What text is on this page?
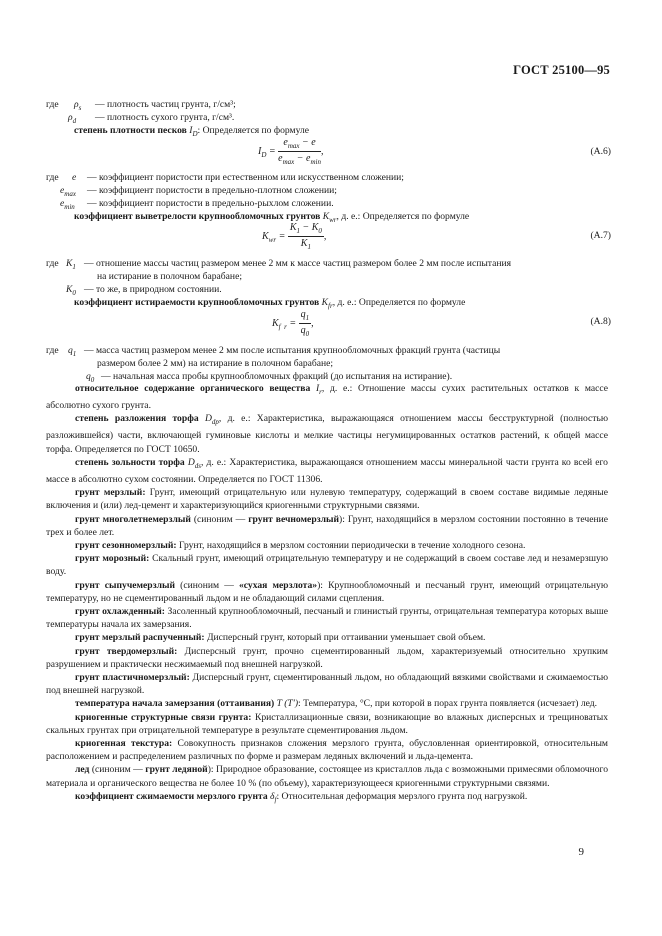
ГОСТ 25100—95
где $\rho_s$ — плотность частиц грунта, г/см³;
$\rho_d$ — плотность сухого грунта, г/см³.
степень плотности песков $I_D$: Определяется по формуле
$I_D = \frac{e_{max} - e}{e_{max} - e_{min}}$ ,	(А.6)
где e — коэффициент пористости при естественном или искусственном сложении;
$e_{max}$ — коэффициент пористости в предельно-плотном сложении;
$e_{min}$ — коэффициент пористости в предельно-рыхлом сложении.
коэффициент выветрелости крупнообломочных грунтов $K_{wr}$, д. е.: Определяется по формуле
$K_{wr} = \frac{K_1 - K_0}{K_1}$ ,	(А.7)
где $K_1$ — отношение массы частиц размером менее 2 мм к массе частиц размером более 2 мм после испытания
на истирание в полочном барабане;
$K_0$ — то же, в природном состоянии.
коэффициент истираемости крупнообломочных грунтов $K_{fr}$, д. е.: Определяется по формуле
$K_{f r} = \frac{q_1}{q_0}$ ,	(А.8)
где $q_1$ — масса частиц размером менее 2 мм после испытания крупнообломочных фракций грунта (частицы
размером более 2 мм) на истирание в полочном барабане;
$q_0$ — начальная масса пробы крупнообломочных фракций (до испытания на истирание).
относительное содержание органического вещества $I_r$, д. е.: Отношение массы сухих растительных остатков к массе абсолютно сухого грунта.
степень разложения торфа $D_{dp}$, д. е.: Характеристика, выражающаяся отношением массы бесструктурной (полностью разложившейся) части, включающей гуминовые кислоты и мелкие частицы негумицированных остатков растений, к общей массе торфа. Определяется по ГОСТ 10650.
степень зольности торфа $D_{ds}$, д. е.: Характеристика, выражающаяся отношением массы минеральной части грунта ко всей его массе в абсолютно сухом состоянии. Определяется по ГОСТ 11306.
грунт мерзлый: Грунт, имеющий отрицательную или нулевую температуру, содержащий в своем составе видимые ледяные включения и (или) лед-цемент и характеризующийся криогенными структурными связями.
грунт многолетнемерзлый (синоним — грунт вечномерзлый): Грунт, находящийся в мерзлом состоянии постоянно в течение трех и более лет.
грунт сезонномерзлый: Грунт, находящийся в мерзлом состоянии периодически в течение холодного сезона.
грунт морозный: Скальный грунт, имеющий отрицательную температуру и не содержащий в своем составе лед и незамерзшую воду.
грунт сыпучемерзлый (синоним — «сухая мерзлота»): Крупнообломочный и песчаный грунт, имеющий отрицательную температуру, но не сцементированный льдом и не обладающий силами сцепления.
грунт охлажденный: Засоленный крупнообломочный, песчаный и глинистый грунты, отрицательная температура которых выше температуры начала их замерзания.
грунт мерзлый распученный: Дисперсный грунт, который при оттаивании уменьшает свой объем.
грунт твердомерзлый: Дисперсный грунт, прочно сцементированный льдом, характеризуемый относительно хрупким разрушением и практически несжимаемый под внешней нагрузкой.
грунт пластичномерзлый: Дисперсный грунт, сцементированный льдом, но обладающий вязкими свойствами и сжимаемостью под внешней нагрузкой.
температура начала замерзания (оттаивания) T (T′): Температура, °С, при которой в порах грунта появляется (исчезает) лед.
криогенные структурные связи грунта: Кристаллизационные связи, возникающие во влажных дисперсных и трещиноватых скальных грунтах при отрицательной температуре в результате сцементирования льдом.
криогенная текстура: Совокупность признаков сложения мерзлого грунта, обусловленная ориентировкой, относительным расположением и распределением различных по форме и размерам ледяных включений и льда-цемента.
лед (синоним — грунт ледяной): Природное образование, состоящее из кристаллов льда с возможными примесями обломочного материала и органического вещества не более 10 % (по объему), характеризующееся криогенными структурными связями.
коэффициент сжимаемости мерзлого грунта $\delta_f$: Относительная деформация мерзлого грунта под нагрузкой.
9
